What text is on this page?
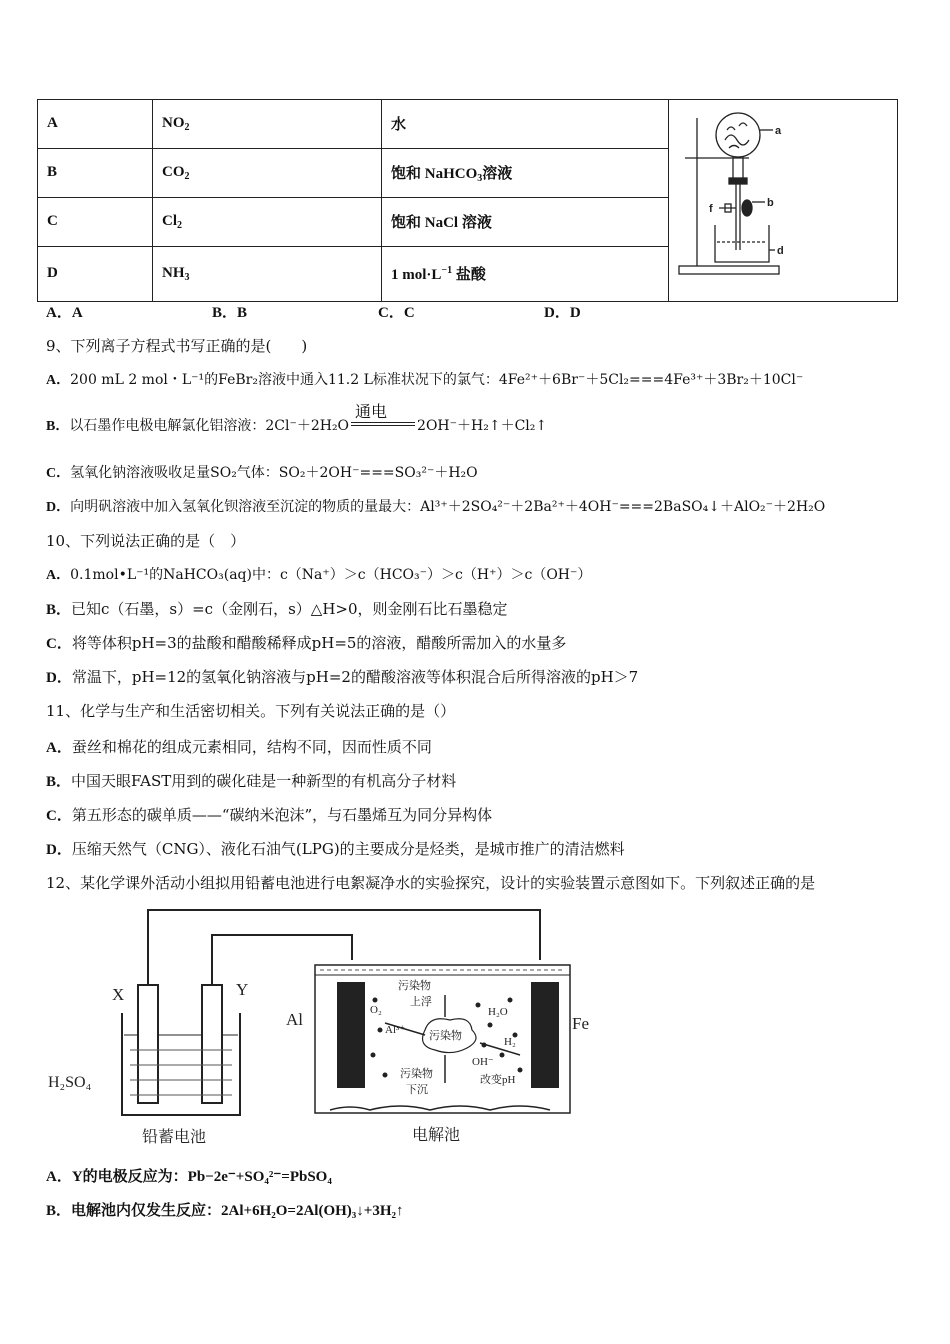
A	$NO_2$	水	a
b
f
d

B	$CO_2$	饱和 NaHCO$_3$溶液	
C	$Cl_2$	饱和 NaCl 溶液	
D	$NH_3$	1 $mol\cdot L^{-1}$ 盐酸	
A．A	B．B	C．C	D．D
9、下列离子方程式书写正确的是(　　)
A．200 mL 2 mol・L⁻¹的FeBr₂溶液中通入11.2 L标准状况下的氯气：4Fe²⁺＋6Br⁻＋5Cl₂===4Fe³⁺＋3Br₂＋10Cl⁻
B．以石墨作电极电解氯化铝溶液：2Cl⁻＋2H₂O
通电
2OH⁻＋H₂↑＋Cl₂↑
C．氢氧化钠溶液吸收足量SO₂气体：SO₂＋2OH⁻===SO₃²⁻＋H₂O
D．向明矾溶液中加入氢氧化钡溶液至沉淀的物质的量最大：Al³⁺＋2SO₄²⁻＋2Ba²⁺＋4OH⁻===2BaSO₄↓＋AlO₂⁻＋2H₂O
10、下列说法正确的是（　）
A．0.1mol•L⁻¹的NaHCO₃(aq)中：c（Na⁺）＞c（HCO₃⁻）＞c（H⁺）＞c（OH⁻）
B．已知c（石墨，s）=c（金刚石，s）△H>0，则金刚石比石墨稳定
C．将等体积pH=3的盐酸和醋酸稀释成pH=5的溶液，醋酸所需加入的水量多
D．常温下，pH=12的氢氧化钠溶液与pH=2的醋酸溶液等体积混合后所得溶液的pH＞7
11、化学与生产和生活密切相关。下列有关说法正确的是（）
A．蚕丝和棉花的组成元素相同，结构不同，因而性质不同
B．中国天眼FAST用到的碳化硅是一种新型的有机高分子材料
C．第五形态的碳单质——“碳纳米泡沫”，与石墨烯互为同分异构体
D．压缩天然气（CNG）、液化石油气(LPG)的主要成分是烃类，是城市推广的清洁燃料
12、某化学课外活动小组拟用铅蓄电池进行电絮凝净水的实验探究，设计的实验装置示意图如下。下列叙述正确的是
X	Y
H₂SO₄
铅蓄电池
Al	Fe
电解池
O₂
Al³⁺
污染物
上浮
污染物
污染物
下沉
H₂O
H₂
OH⁻
改变pH
A．Y的电极反应为：Pb−2e⁻+SO₄²⁻=PbSO₄
B．电解池内仅发生反应：2Al+6H₂O=2Al(OH)₃↓+3H₂↑
